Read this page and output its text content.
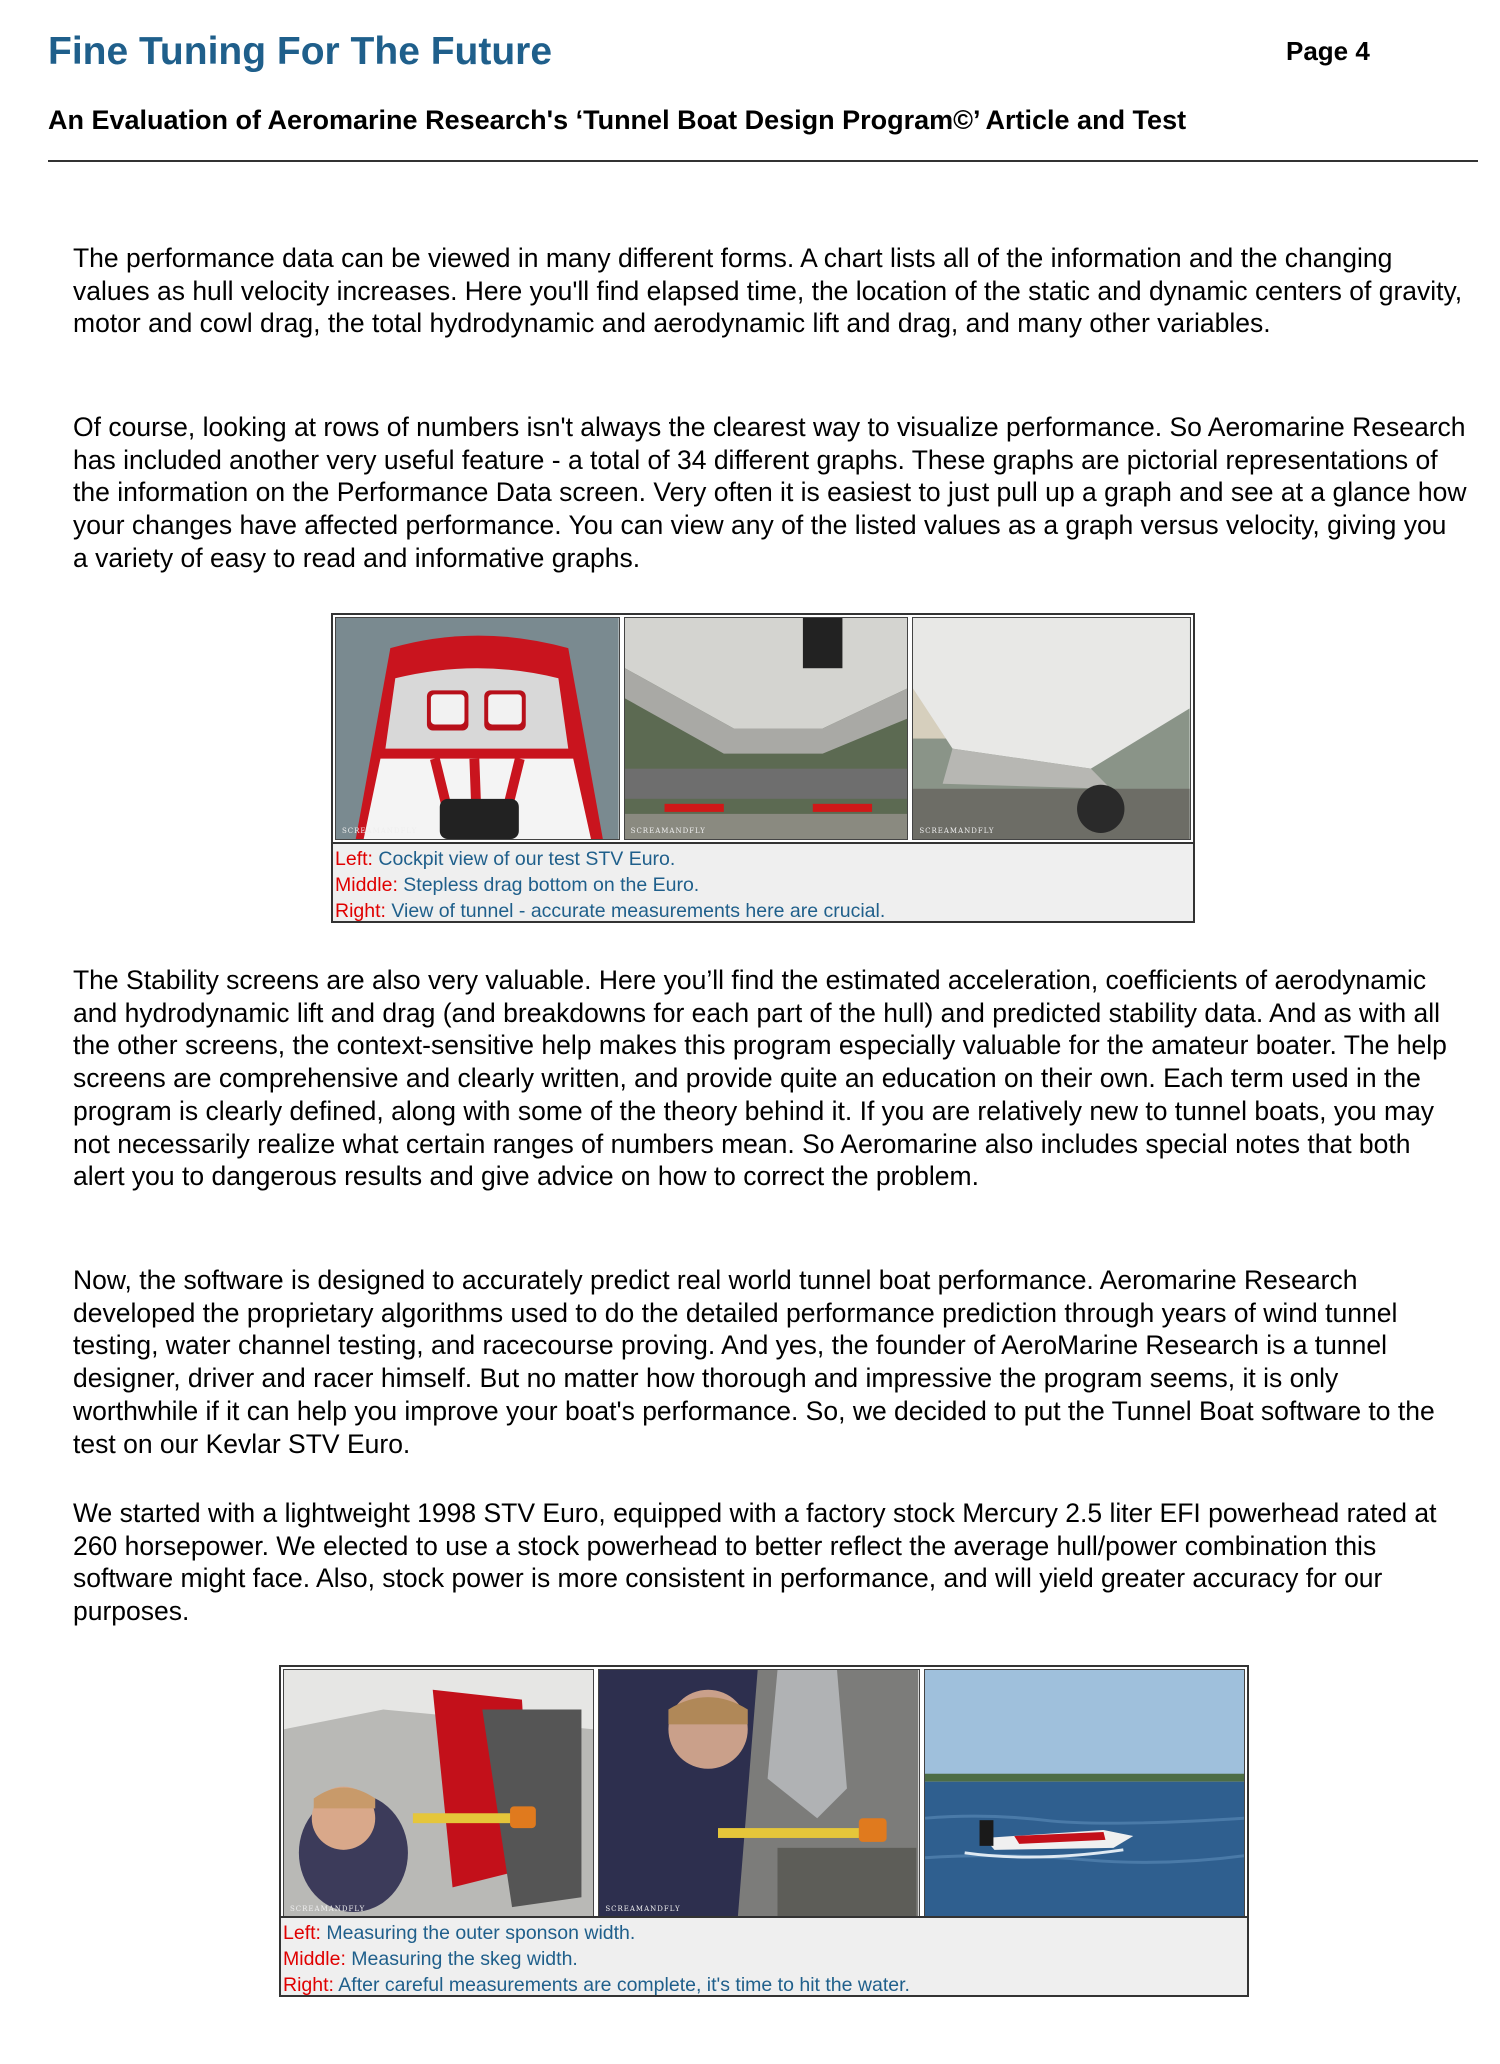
Fine Tuning For The Future	Page 4
An Evaluation of Aeromarine Research's ‘Tunnel Boat Design Program©’ Article and Test

The performance data can be viewed in many different forms. A chart lists all of the information and the changing values as hull velocity increases. Here you'll find elapsed time, the location of the static and dynamic centers of gravity, motor and cowl drag, the total hydrodynamic and aerodynamic lift and drag, and many other variables.

Of course, looking at rows of numbers isn't always the clearest way to visualize performance. So Aeromarine Research has included another very useful feature - a total of 34 different graphs. These graphs are pictorial representations of the information on the Performance Data screen. Very often it is easiest to just pull up a graph and see at a glance how your changes have affected performance. You can view any of the listed values as a graph versus velocity, giving you a variety of easy to read and informative graphs.

SCREAMANDFLY	SCREAMANDFLY	SCREAMANDFLY
Left: Cockpit view of our test STV Euro.
Middle: Stepless drag bottom on the Euro.
Right: View of tunnel - accurate measurements here are crucial.

The Stability screens are also very valuable. Here you’ll find the estimated acceleration, coefficients of aerodynamic and hydrodynamic lift and drag (and breakdowns for each part of the hull) and predicted stability data. And as with all the other screens, the context-sensitive help makes this program especially valuable for the amateur boater. The help screens are comprehensive and clearly written, and provide quite an education on their own. Each term used in the program is clearly defined, along with some of the theory behind it. If you are relatively new to tunnel boats, you may not necessarily realize what certain ranges of numbers mean. So Aeromarine also includes special notes that both alert you to dangerous results and give advice on how to correct the problem.

Now, the software is designed to accurately predict real world tunnel boat performance. Aeromarine Research developed the proprietary algorithms used to do the detailed performance prediction through years of wind tunnel testing, water channel testing, and racecourse proving. And yes, the founder of AeroMarine Research is a tunnel designer, driver and racer himself. But no matter how thorough and impressive the program seems, it is only worthwhile if it can help you improve your boat's performance. So, we decided to put the Tunnel Boat software to the test on our Kevlar STV Euro.

We started with a lightweight 1998 STV Euro, equipped with a factory stock Mercury 2.5 liter EFI powerhead rated at 260 horsepower. We elected to use a stock powerhead to better reflect the average hull/power combination this software might face. Also, stock power is more consistent in performance, and will yield greater accuracy for our purposes.

SCREAMANDFLY	SCREAMANDFLY
Left: Measuring the outer sponson width.
Middle: Measuring the skeg width.
Right: After careful measurements are complete, it's time to hit the water.
